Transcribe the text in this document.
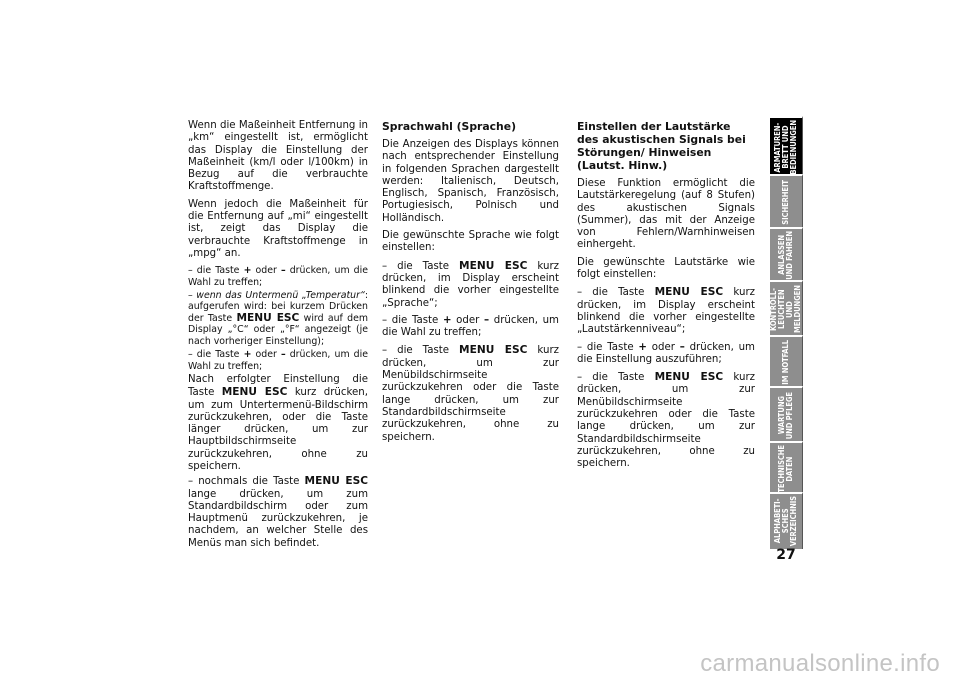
Wenn die Maßeinheit Entfernung in „km“ eingestellt ist, ermöglicht das Display die Einstellung der Maßeinheit (km/l oder l/100km) in Bezug auf die verbrauchte Kraftstoffmenge.

Wenn jedoch die Maßeinheit für die Entfernung auf „mi“ eingestellt ist, zeigt das Display die verbrauchte Kraftstoffmenge in „mpg“ an.

– die Taste + oder – drücken, um die Wahl zu treffen;

– wenn das Untermenü „Temperatur“: aufgerufen wird: bei kurzem Drücken der Taste MENU ESC wird auf dem Display „°C“ oder „°F“ angezeigt (je nach vorheriger Einstellung);

– die Taste + oder – drücken, um die Wahl zu treffen;

Nach erfolgter Einstellung die Taste MENU ESC kurz drücken, um zum Untertermenü-Bildschirm zurückzukehren, oder die Taste länger drücken, um zur Hauptbildschirmseite zurückzukehren, ohne zu speichern.

– nochmals die Taste MENU ESC lange drücken, um zum Standardbildschirm oder zum Hauptmenü zurückzukehren, je nachdem, an welcher Stelle des Menüs man sich befindet.

Sprachwahl (Sprache)

Die Anzeigen des Displays können nach entsprechender Einstellung in folgenden Sprachen dargestellt werden: Italienisch, Deutsch, Englisch, Spanisch, Französisch, Portugiesisch, Polnisch und Holländisch.

Die gewünschte Sprache wie folgt einstellen:

– die Taste MENU ESC kurz drücken, im Display erscheint blinkend die vorher eingestellte „Sprache“;

– die Taste + oder – drücken, um die Wahl zu treffen;

– die Taste MENU ESC kurz drücken, um zur Menübildschirmseite zurückzukehren oder die Taste lange drücken, um zur Standardbildschirmseite zurückzukehren, ohne zu speichern.

Einstellen der Lautstärke des akustischen Signals bei Störungen/ Hinweisen (Lautst. Hinw.)

Diese Funktion ermöglicht die Lautstärkeregelung (auf 8 Stufen) des akustischen Signals (Summer), das mit der Anzeige von Fehlern/Warnhinweisen einhergeht.

Die gewünschte Lautstärke wie folgt einstellen:

– die Taste MENU ESC kurz drücken, im Display erscheint blinkend die vorher eingestellte „Lautstärkenniveau“;

– die Taste + oder – drücken, um die Einstellung auszuführen;

– die Taste MENU ESC kurz drücken, um zur Menübildschirmseite zurückzukehren oder die Taste lange drücken, um zur Standardbildschirmseite zurückzukehren, ohne zu speichern.

ARMATUREN-
BRETT UND
BEDIENUNGEN
SICHERHEIT
ANLASSEN
UND FAHREN
KONTROLL-
LEUCHTEN UND
MELDUNGEN
IM NOTFALL
WARTUNG
UND PFLEGE
TECHNISCHE
DATEN
ALPHABETI-
SCHES
VERZEICHNIS
27
carmanualsonline.info
